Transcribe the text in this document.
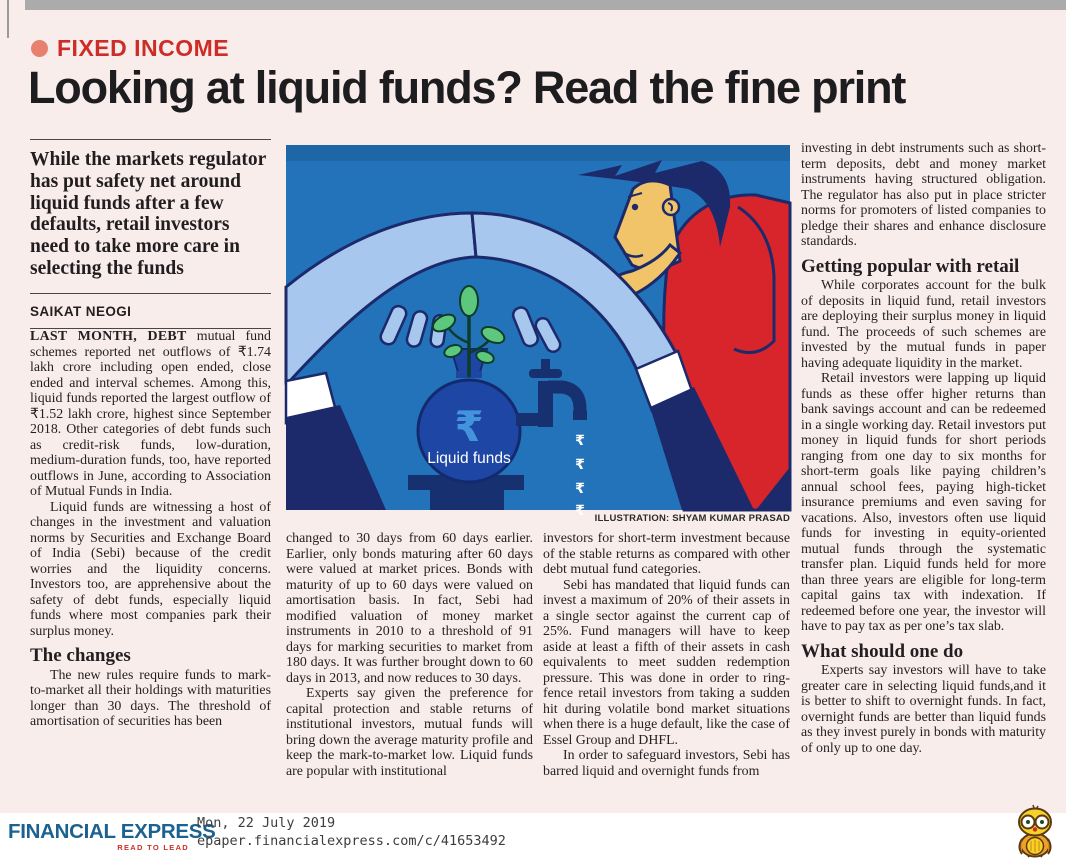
FIXED INCOME
Looking at liquid funds? Read the fine print
While the markets regulator has put safety net around liquid funds after a few defaults, retail investors need to take more care in selecting the funds
SAIKAT NEOGI

LAST MONTH, DEBT mutual fund schemes reported net outflows of ₹1.74 lakh crore including open ended, close ended and interval schemes. Among this, liquid funds reported the largest outflow of ₹1.52 lakh crore, highest since September 2018. Other categories of debt funds such as credit-risk funds, low-duration, medium-duration funds, too, have reported outflows in June, according to Association of Mutual Funds in India.

Liquid funds are witnessing a host of changes in the investment and valuation norms by Securities and Exchange Board of India (Sebi) because of the credit worries and the liquidity concerns. Investors too, are apprehensive about the safety of debt funds, especially liquid funds where most companies park their surplus money.

The changes

The new rules require funds to mark-to-market all their holdings with maturities longer than 30 days. The threshold of amortisation of securities has been

₹
Liquid funds
₹
₹
₹
₹	ILLUSTRATION: SHYAM KUMAR PRASAD

changed to 30 days from 60 days earlier. Earlier, only bonds maturing after 60 days were valued at market prices. Bonds with maturity of up to 60 days were valued on amortisation basis. In fact, Sebi had modified valuation of money market instruments in 2010 to a threshold of 91 days for marking securities to market from 180 days. It was further brought down to 60 days in 2013, and now reduces to 30 days.

Experts say given the preference for capital protection and stable returns of institutional investors, mutual funds will bring down the average maturity profile and keep the mark-to-market low. Liquid funds are popular with institutional

investors for short-term investment because of the stable returns as compared with other debt mutual fund categories.

Sebi has mandated that liquid funds can invest a maximum of 20% of their assets in a single sector against the current cap of 25%. Fund managers will have to keep aside at least a fifth of their assets in cash equivalents to meet sudden redemption pressure. This was done in order to ring-fence retail investors from taking a sudden hit during volatile bond market situations when there is a huge default, like the case of Essel Group and DHFL.

In order to safeguard investors, Sebi has barred liquid and overnight funds from

investing in debt instruments such as short-term deposits, debt and money market instruments having structured obligation. The regulator has also put in place stricter norms for promoters of listed companies to pledge their shares and enhance disclosure standards.

Getting popular with retail

While corporates account for the bulk of deposits in liquid fund, retail investors are deploying their surplus money in liquid fund. The proceeds of such schemes are invested by the mutual funds in paper having adequate liquidity in the market.

Retail investors were lapping up liquid funds as these offer higher returns than bank savings account and can be redeemed in a single working day. Retail investors put money in liquid funds for short periods ranging from one day to six months for short-term goals like paying children’s annual school fees, paying high-ticket insurance premiums and even saving for vacations. Also, investors often use liquid funds for investing in equity-oriented mutual funds through the systematic transfer plan. Liquid funds held for more than three years are eligible for long-term capital gains tax with indexation. If redeemed before one year, the investor will have to pay tax as per one’s tax slab.

What should one do

Experts say investors will have to take greater care in selecting liquid funds,and it is better to shift to overnight funds. In fact, overnight funds are better than liquid funds as they invest purely in bonds with maturity of only up to one day.

FINANCIAL EXPRESS
READ TO LEAD
Mon, 22 July 2019
epaper.financialexpress.com/c/41653492
